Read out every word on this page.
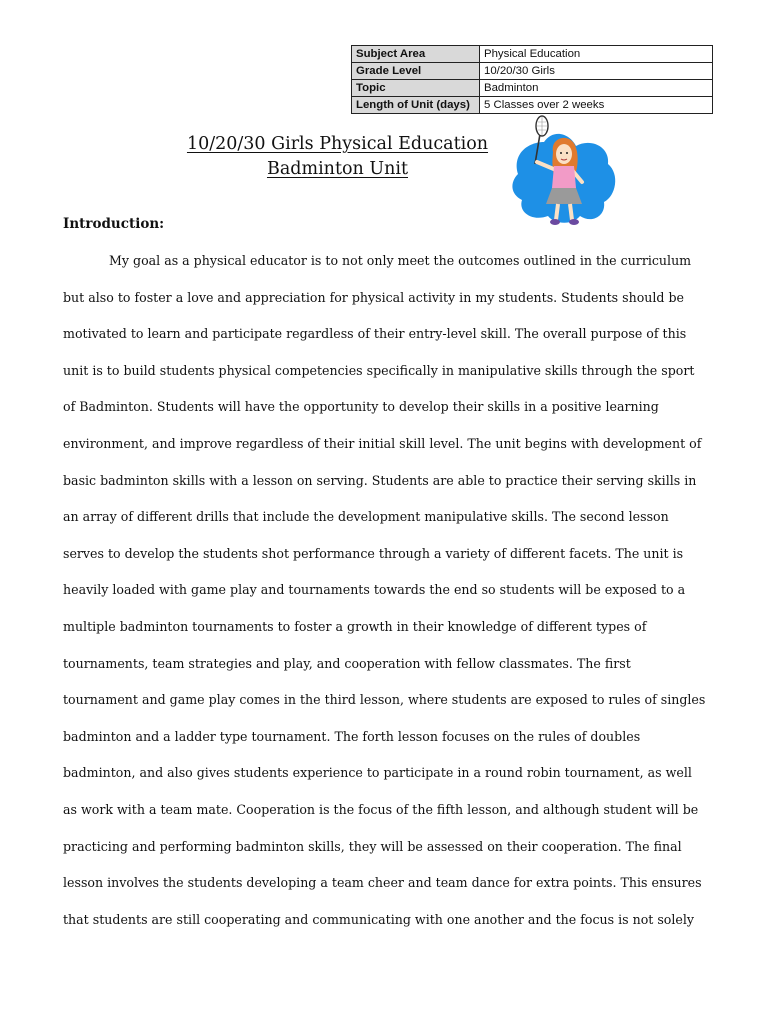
Subject Area	Physical Education
Grade Level	10/20/30 Girls
Topic	Badminton
Length of Unit (days)	5 Classes over 2 weeks
10/20/30 Girls Physical Education
Badminton Unit
Introduction:
My goal as a physical educator is to not only meet the outcomes outlined in the curriculum
but also to foster a love and appreciation for physical activity in my students. Students should be
motivated to learn and participate regardless of their entry-level skill. The overall purpose of this
unit is to build students physical competencies specifically in manipulative skills through the sport
of Badminton. Students will have the opportunity to develop their skills in a positive learning
environment, and improve regardless of their initial skill level. The unit begins with development of
basic badminton skills with a lesson on serving. Students are able to practice their serving skills in
an array of different drills that include the development manipulative skills. The second lesson
serves to develop the students shot performance through a variety of different facets. The unit is
heavily loaded with game play and tournaments towards the end so students will be exposed to a
multiple badminton tournaments to foster a growth in their knowledge of different types of
tournaments, team strategies and play, and cooperation with fellow classmates. The first
tournament and game play comes in the third lesson, where students are exposed to rules of singles
badminton and a ladder type tournament. The forth lesson focuses on the rules of doubles
badminton, and also gives students experience to participate in a round robin tournament, as well
as work with a team mate. Cooperation is the focus of the fifth lesson, and although student will be
practicing and performing badminton skills, they will be assessed on their cooperation. The final
lesson involves the students developing a team cheer and team dance for extra points. This ensures
that students are still cooperating and communicating with one another and the focus is not solely
